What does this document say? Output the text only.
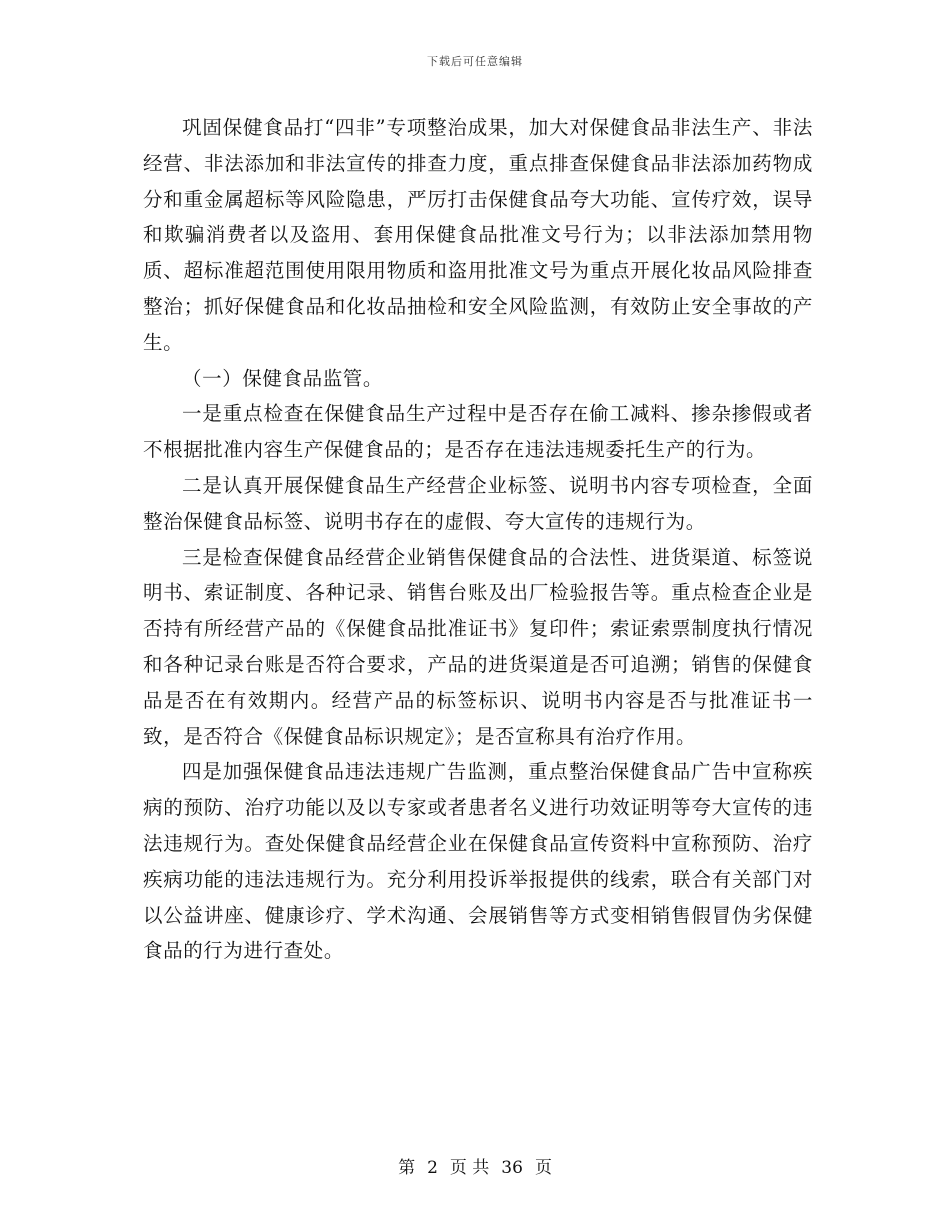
下载后可任意编辑

巩固保健食品打“四非”专项整治成果，加大对保健食品非法生产、非法经营、非法添加和非法宣传的排查力度，重点排查保健食品非法添加药物成分和重金属超标等风险隐患，严厉打击保健食品夸大功能、宣传疗效，误导和欺骗消费者以及盗用、套用保健食品批准文号行为；以非法添加禁用物质、超标准超范围使用限用物质和盗用批准文号为重点开展化妆品风险排查整治；抓好保健食品和化妆品抽检和安全风险监测，有效防止安全事故的产生。

（一）保健食品监管。

一是重点检查在保健食品生产过程中是否存在偷工减料、掺杂掺假或者不根据批准内容生产保健食品的；是否存在违法违规委托生产的行为。

二是认真开展保健食品生产经营企业标签、说明书内容专项检查，全面整治保健食品标签、说明书存在的虚假、夸大宣传的违规行为。

三是检查保健食品经营企业销售保健食品的合法性、进货渠道、标签说明书、索证制度、各种记录、销售台账及出厂检验报告等。重点检查企业是否持有所经营产品的《保健食品批准证书》复印件；索证索票制度执行情况和各种记录台账是否符合要求，产品的进货渠道是否可追溯；销售的保健食品是否在有效期内。经营产品的标签标识、说明书内容是否与批准证书一致，是否符合《保健食品标识规定》；是否宣称具有治疗作用。

四是加强保健食品违法违规广告监测，重点整治保健食品广告中宣称疾病的预防、治疗功能以及以专家或者患者名义进行功效证明等夸大宣传的违法违规行为。查处保健食品经营企业在保健食品宣传资料中宣称预防、治疗疾病功能的违法违规行为。充分利用投诉举报提供的线索，联合有关部门对以公益讲座、健康诊疗、学术沟通、会展销售等方式变相销售假冒伪劣保健食品的行为进行查处。

第 2 页 共 36 页
